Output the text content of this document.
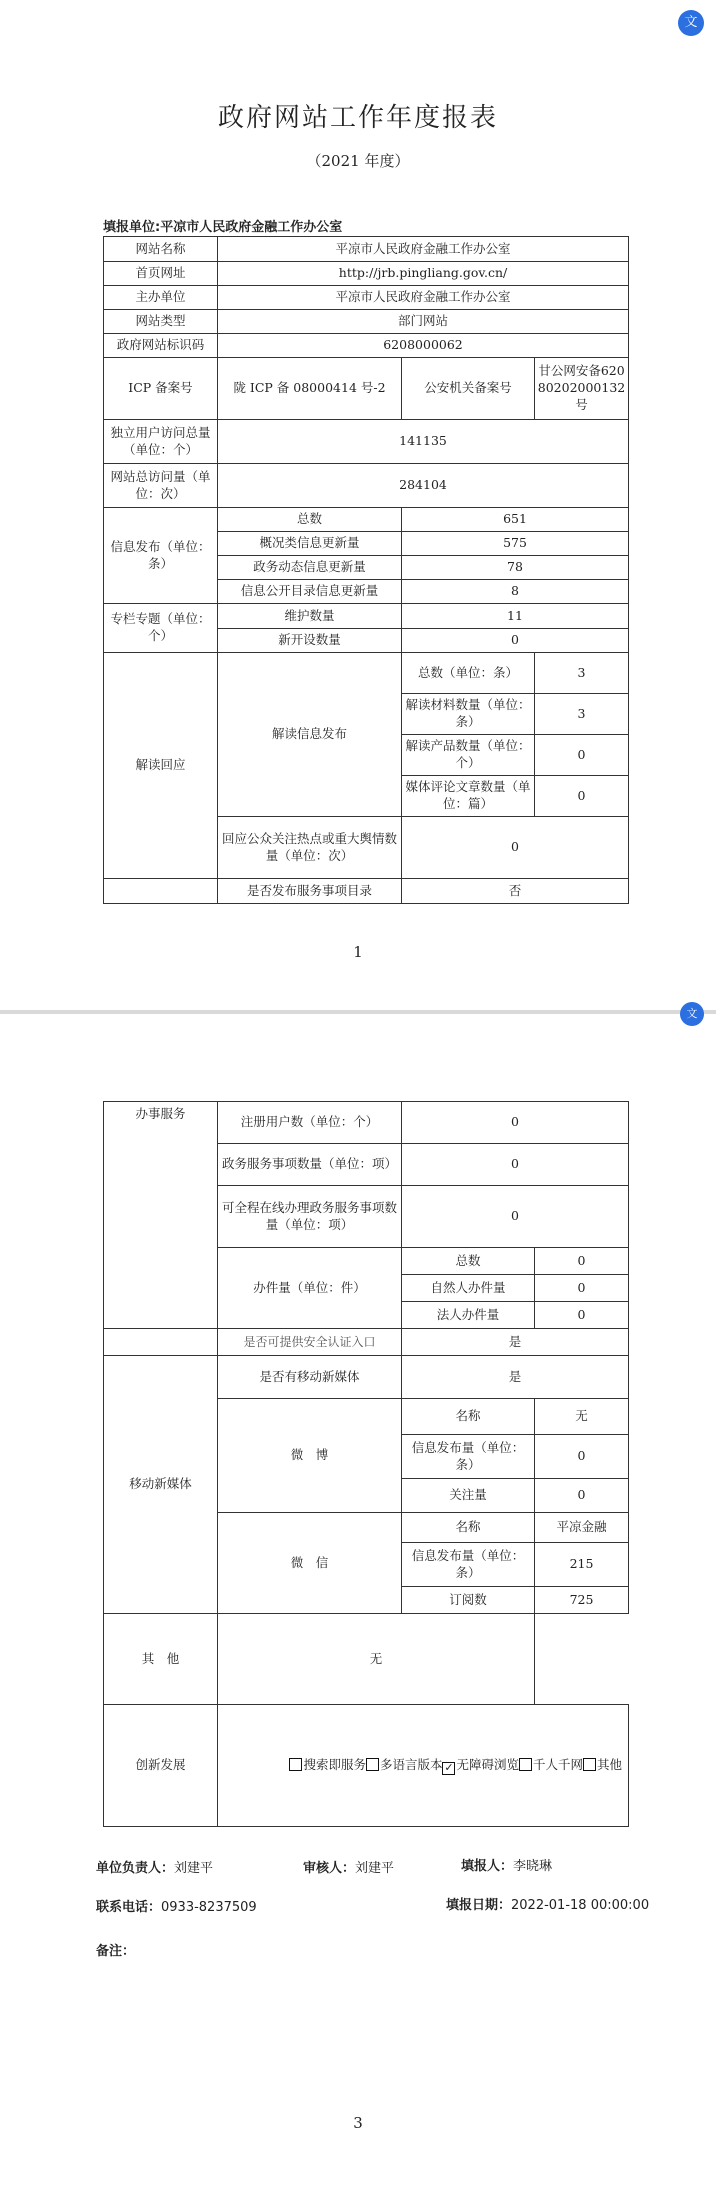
文
政府网站工作年度报表
（2021 年度）
填报单位:平凉市人民政府金融工作办公室
网站名称	平凉市人民政府金融工作办公室		
首页网址	http://jrb.pingliang.gov.cn/		
主办单位	平凉市人民政府金融工作办公室		
网站类型	部门网站		
政府网站标识码	6208000062		
ICP 备案号	陇 ICP 备 08000414 号-2	公安机关备案号	甘公网安备62080202000132号
独立用户访问总量（单位：个）	141135		
网站总访问量（单位：次）	284104		
信息发布（单位：条）	总数	651	
	概况类信息更新量	575	
	政务动态信息更新量	78	
	信息公开目录信息更新量	8	
专栏专题（单位：个）	维护数量	11	
	新开设数量	0	
解读回应	解读信息发布	总数（单位：条）	3
		解读材料数量（单位：条）	3
		解读产品数量（单位：个）	0
		媒体评论文章数量（单位：篇）	0
	回应公众关注热点或重大舆情数量（单位：次）	0	
	是否发布服务事项目录	否	
1
文
办事服务	注册用户数（单位：个）	0	
	政务服务事项数量（单位：项）	0	
	可全程在线办理政务服务事项数量（单位：项）	0	
	办件量（单位：件）	总数	0
		自然人办件量	0
		法人办件量	0
	是否可提供安全认证入口	是	
移动新媒体	是否有移动新媒体	是	
	微　博	名称	无
		信息发布量（单位：条）	0
		关注量	0
	微　信	名称	平凉金融
		信息发布量（单位：条）	215
		订阅数	725
其　他	无		
创新发展	搜索即服务 多语言版本 ✓ 无障碍浏览 千人千网 其他		
单位负责人：刘建平	审核人：刘建平	填报人：李晓琳
联系电话：0933-8237509	填报日期：2022-01-18 00:00:00
备注：
3
